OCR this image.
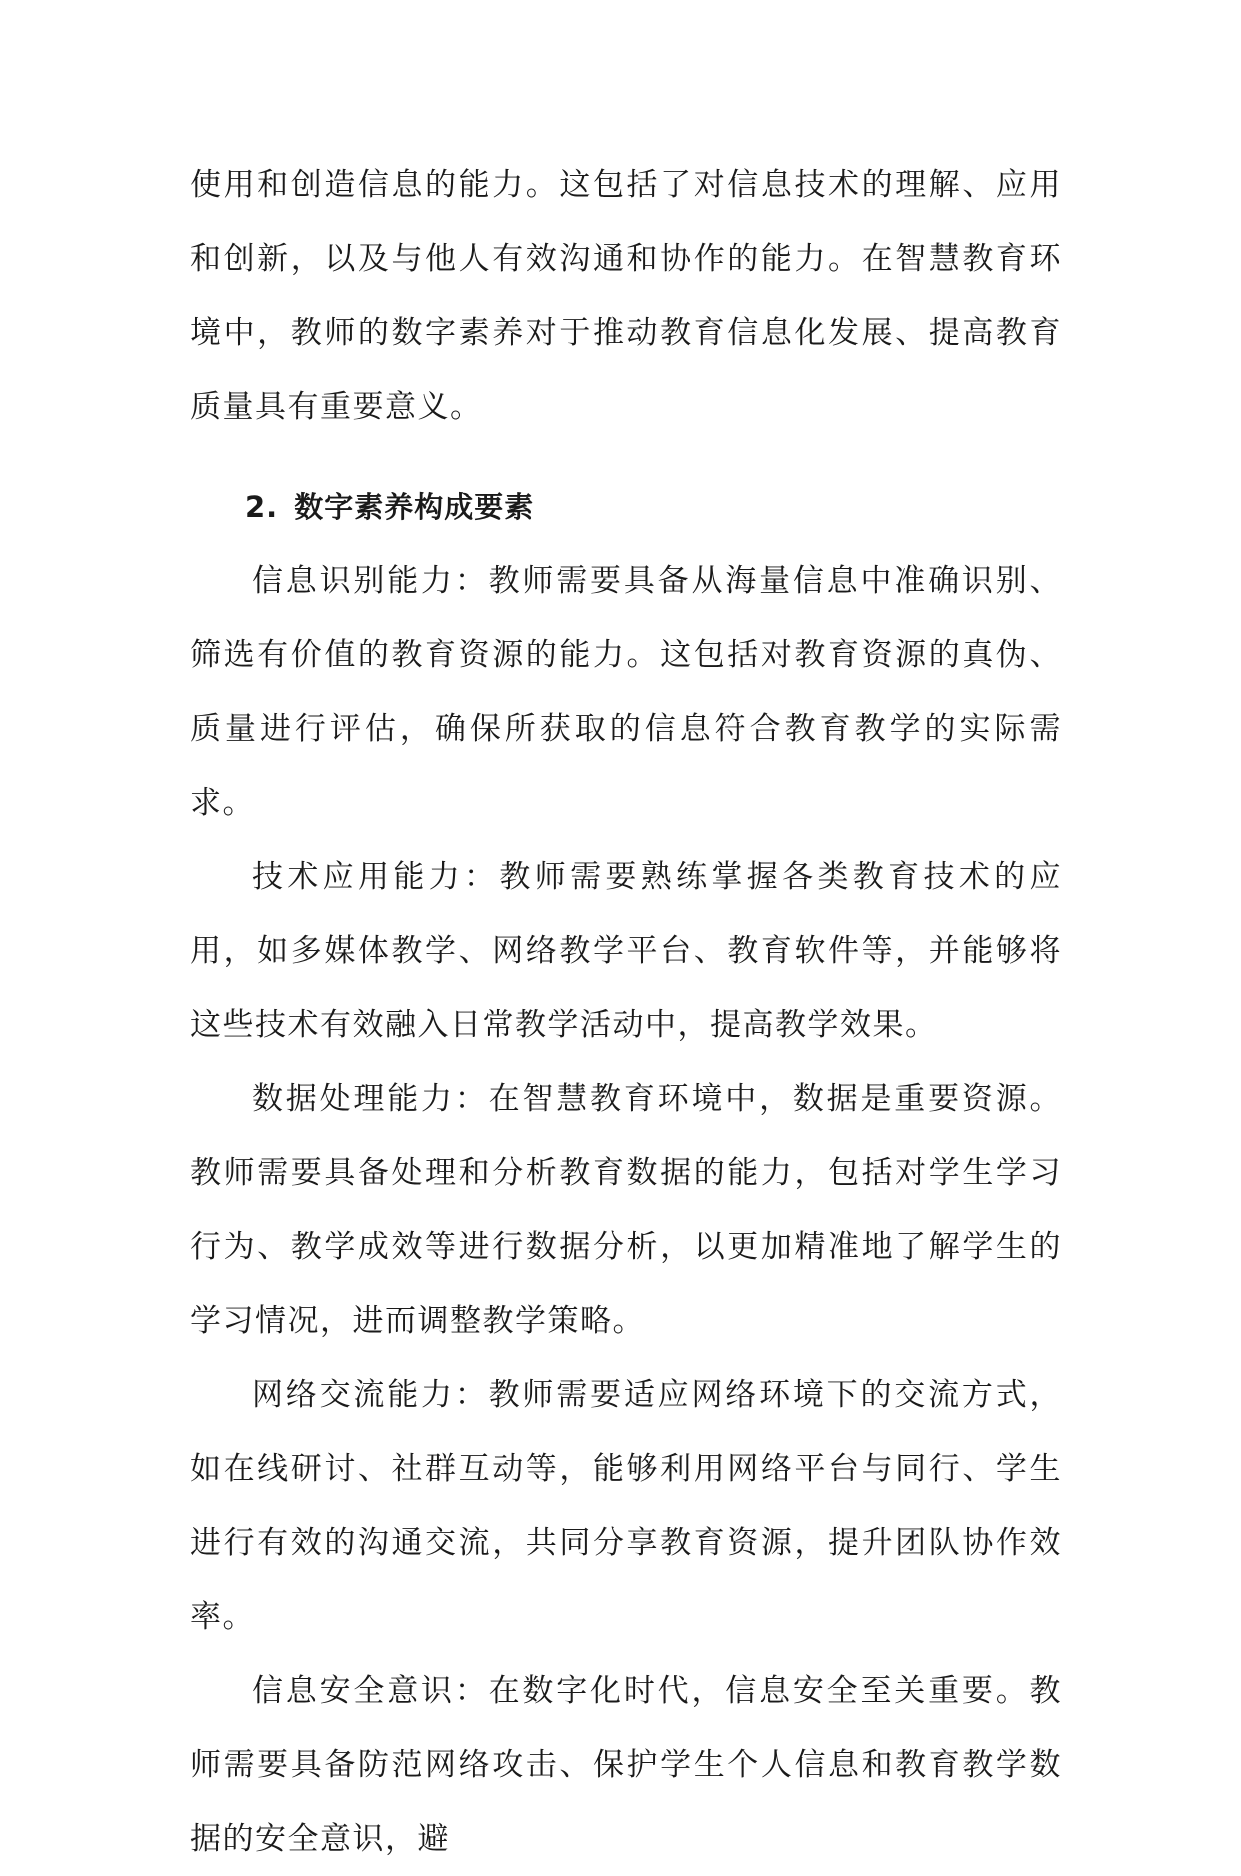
使用和创造信息的能力。这包括了对信息技术的理解、应用和创新，以及与他人有效沟通和协作的能力。在智慧教育环境中，教师的数字素养对于推动教育信息化发展、提高教育质量具有重要意义。

2. 数字素养构成要素

信息识别能力：教师需要具备从海量信息中准确识别、筛选有价值的教育资源的能力。这包括对教育资源的真伪、质量进行评估，确保所获取的信息符合教育教学的实际需求。

技术应用能力：教师需要熟练掌握各类教育技术的应用，如多媒体教学、网络教学平台、教育软件等，并能够将这些技术有效融入日常教学活动中，提高教学效果。

数据处理能力：在智慧教育环境中，数据是重要资源。教师需要具备处理和分析教育数据的能力，包括对学生学习行为、教学成效等进行数据分析，以更加精准地了解学生的学习情况，进而调整教学策略。

网络交流能力：教师需要适应网络环境下的交流方式，如在线研讨、社群互动等，能够利用网络平台与同行、学生进行有效的沟通交流，共同分享教育资源，提升团队协作效率。

信息安全意识：在数字化时代，信息安全至关重要。教师需要具备防范网络攻击、保护学生个人信息和教育教学数据的安全意识，避
